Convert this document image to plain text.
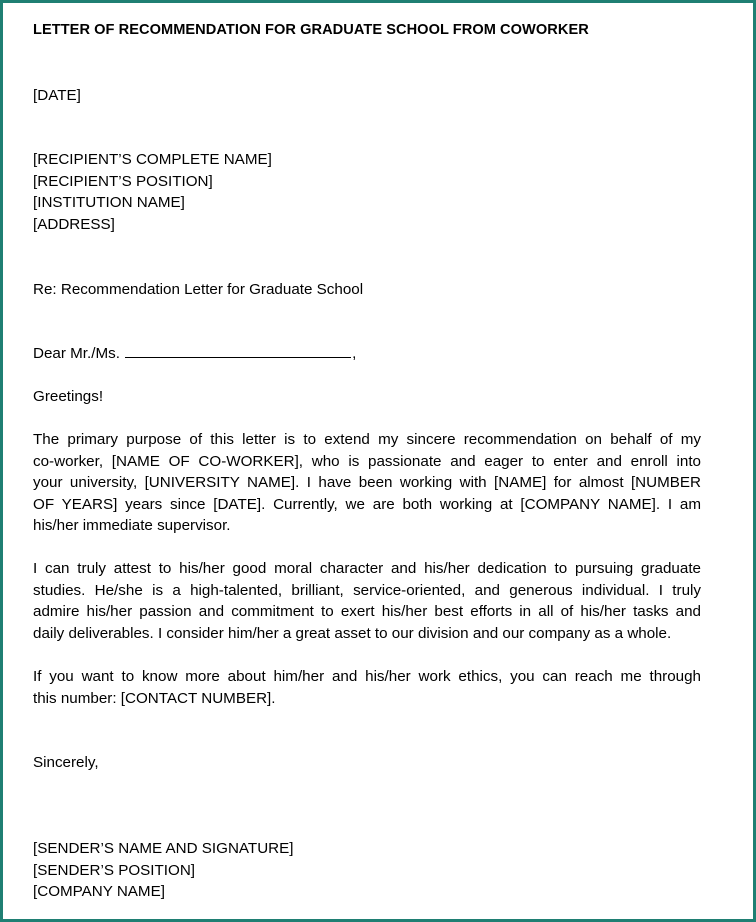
LETTER OF RECOMMENDATION FOR GRADUATE SCHOOL FROM COWORKER
[DATE]
[RECIPIENT’S COMPLETE NAME]
[RECIPIENT’S POSITION]
[INSTITUTION NAME]
[ADDRESS]
Re: Recommendation Letter for Graduate School
Dear Mr./Ms.	,
Greetings!
The primary purpose of this letter is to extend my sincere recommendation on behalf of my
co-worker, [NAME OF CO-WORKER], who is passionate and eager to enter and enroll into
your university, [UNIVERSITY NAME]. I have been working with [NAME] for almost [NUMBER
OF YEARS] years since [DATE]. Currently, we are both working at [COMPANY NAME]. I am
his/her immediate supervisor.
I can truly attest to his/her good moral character and his/her dedication to pursuing graduate
studies. He/she is a high-talented, brilliant, service-oriented, and generous individual. I truly
admire his/her passion and commitment to exert his/her best efforts in all of his/her tasks and
daily deliverables. I consider him/her a great asset to our division and our company as a whole.
If you want to know more about him/her and his/her work ethics, you can reach me through
this number: [CONTACT NUMBER].
Sincerely,
[SENDER’S NAME AND SIGNATURE]
[SENDER’S POSITION]
[COMPANY NAME]
